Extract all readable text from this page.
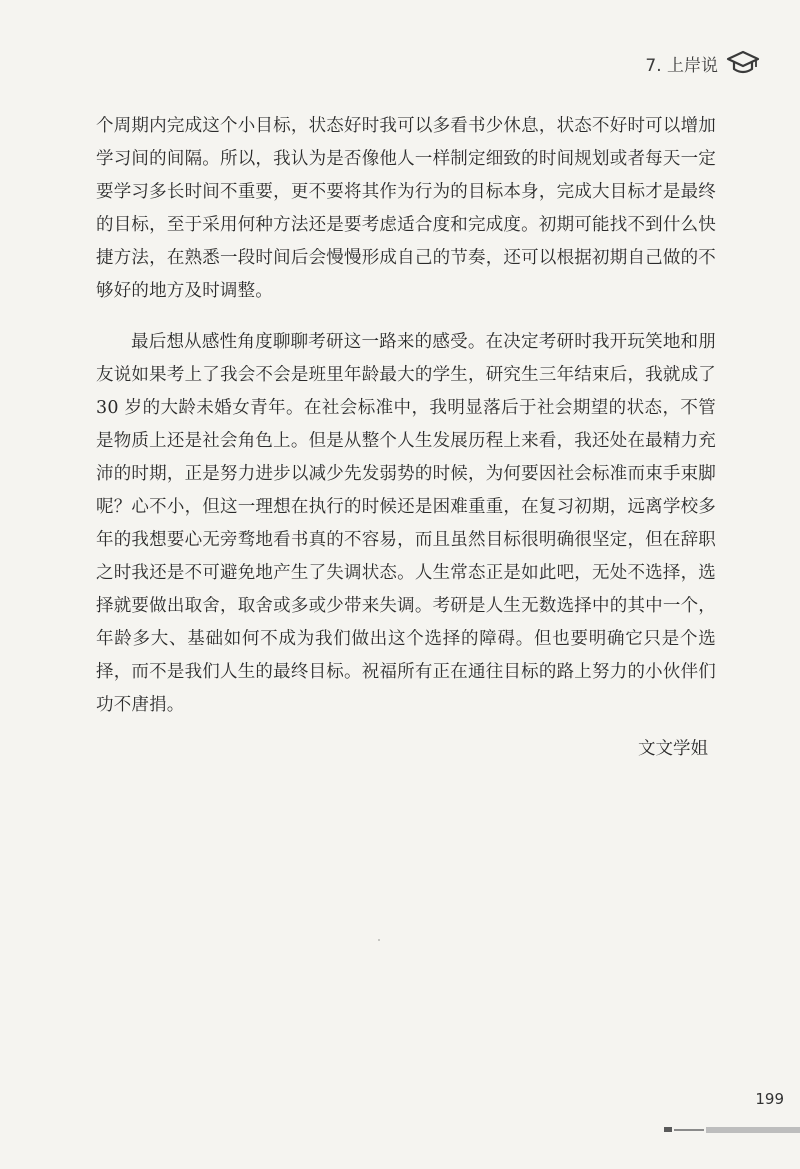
7. 上岸说

个周期内完成这个小目标，状态好时我可以多看书少休息，状态不好时可以增加学习间的间隔。所以，我认为是否像他人一样制定细致的时间规划或者每天一定要学习多长时间不重要，更不要将其作为行为的目标本身，完成大目标才是最终的目标，至于采用何种方法还是要考虑适合度和完成度。初期可能找不到什么快捷方法，在熟悉一段时间后会慢慢形成自己的节奏，还可以根据初期自己做的不够好的地方及时调整。

最后想从感性角度聊聊考研这一路来的感受。在决定考研时我开玩笑地和朋友说如果考上了我会不会是班里年龄最大的学生，研究生三年结束后，我就成了 30 岁的大龄未婚女青年。在社会标准中，我明显落后于社会期望的状态，不管是物质上还是社会角色上。但是从整个人生发展历程上来看，我还处在最精力充沛的时期，正是努力进步以减少先发弱势的时候，为何要因社会标准而束手束脚呢？心不小，但这一理想在执行的时候还是困难重重，在复习初期，远离学校多年的我想要心无旁骛地看书真的不容易，而且虽然目标很明确很坚定，但在辞职之时我还是不可避免地产生了失调状态。人生常态正是如此吧，无处不选择，选择就要做出取舍，取舍或多或少带来失调。考研是人生无数选择中的其中一个，年龄多大、基础如何不成为我们做出这个选择的障碍。但也要明确它只是个选择，而不是我们人生的最终目标。祝福所有正在通往目标的路上努力的小伙伴们功不唐捐。

文文学姐
199
